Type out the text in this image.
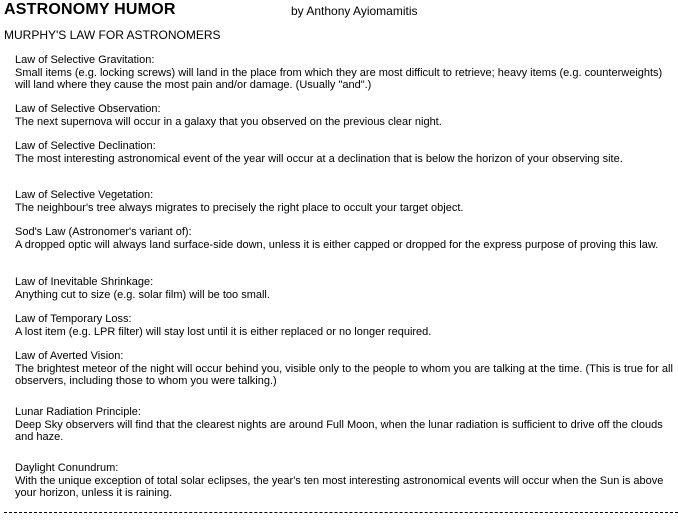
ASTRONOMY HUMOR	by Anthony Ayiomamitis
MURPHY'S LAW FOR ASTRONOMERS
Law of Selective Gravitation:
Small items (e.g. locking screws) will land in the place from which they are most difficult to retrieve; heavy items (e.g. counterweights) will land where they cause the most pain and/or damage. (Usually "and".)
Law of Selective Observation:
The next supernova will occur in a galaxy that you observed on the previous clear night.
Law of Selective Declination:
The most interesting astronomical event of the year will occur at a declination that is below the horizon of your observing site.
Law of Selective Vegetation:
The neighbour's tree always migrates to precisely the right place to occult your target object.
Sod's Law (Astronomer's variant of):
A dropped optic will always land surface-side down, unless it is either capped or dropped for the express purpose of proving this law.
Law of Inevitable Shrinkage:
Anything cut to size (e.g. solar film) will be too small.
Law of Temporary Loss:
A lost item (e.g. LPR filter) will stay lost until it is either replaced or no longer required.
Law of Averted Vision:
The brightest meteor of the night will occur behind you, visible only to the people to whom you are talking at the time. (This is true for all observers, including those to whom you were talking.)
Lunar Radiation Principle:
Deep Sky observers will find that the clearest nights are around Full Moon, when the lunar radiation is sufficient to drive off the clouds and haze.
Daylight Conundrum:
With the unique exception of total solar eclipses, the year's ten most interesting astronomical events will occur when the Sun is above your horizon, unless it is raining.
